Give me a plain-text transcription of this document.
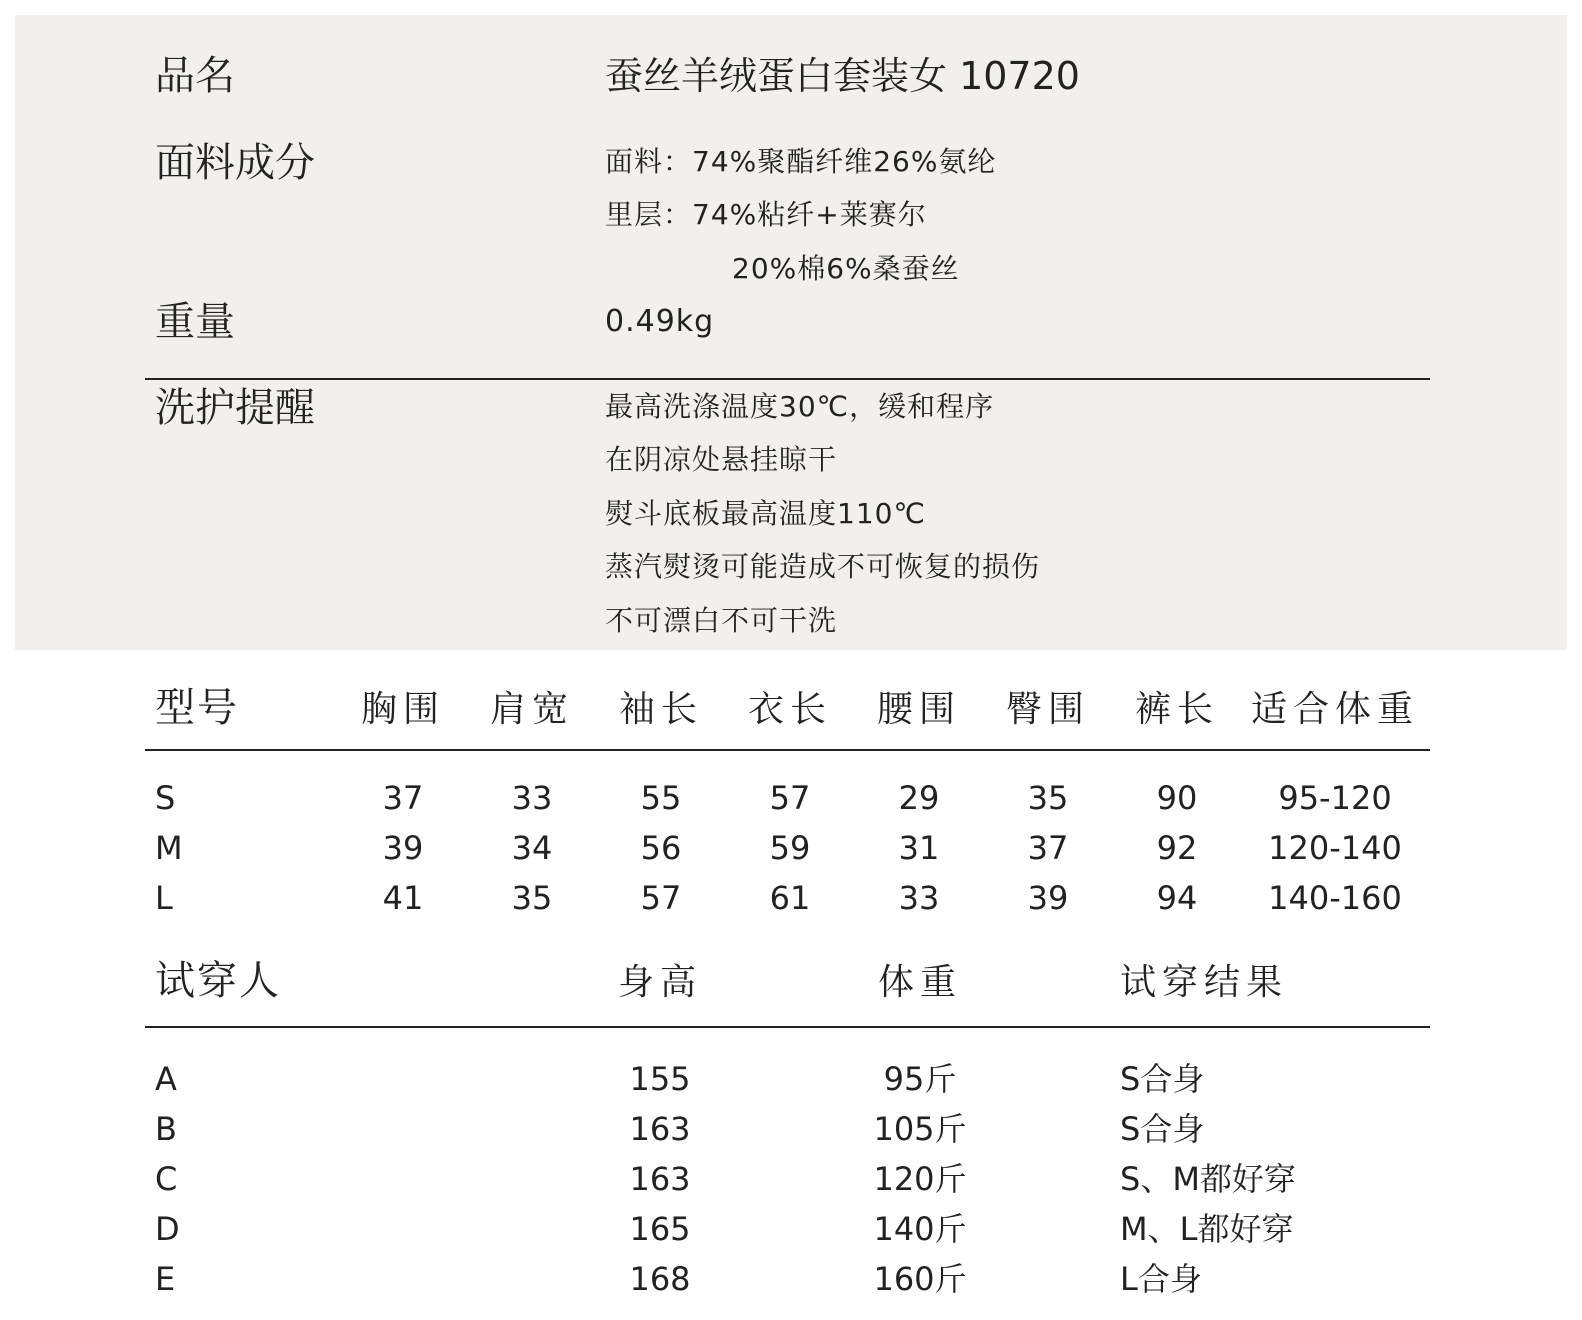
品名	蚕丝羊绒蛋白套装女 10720
面料成分	面料：74%聚酯纤维26%氨纶
里层：74%粘纤+莱赛尔
20%棉6%桑蚕丝
重量	0.49kg
洗护提醒	最高洗涤温度30℃，缓和程序
在阴凉处悬挂晾干
熨斗底板最高温度110℃
蒸汽熨烫可能造成不可恢复的损伤
不可漂白不可干洗
型号	胸围	肩宽	袖长	衣长	腰围	臀围	裤长 适合体重
S	37	33	55	57	29	35	90	95-120
M	39	34	56	59	31	37	92	120-140
L	41	35	57	61	33	39	94	140-160
试穿人	身高	体重	试穿结果
A	155	95斤	S合身
B	163	105斤	S合身
C	163	120斤	S、M都好穿
D	165	140斤	M、L都好穿
E	168	160斤	L合身
